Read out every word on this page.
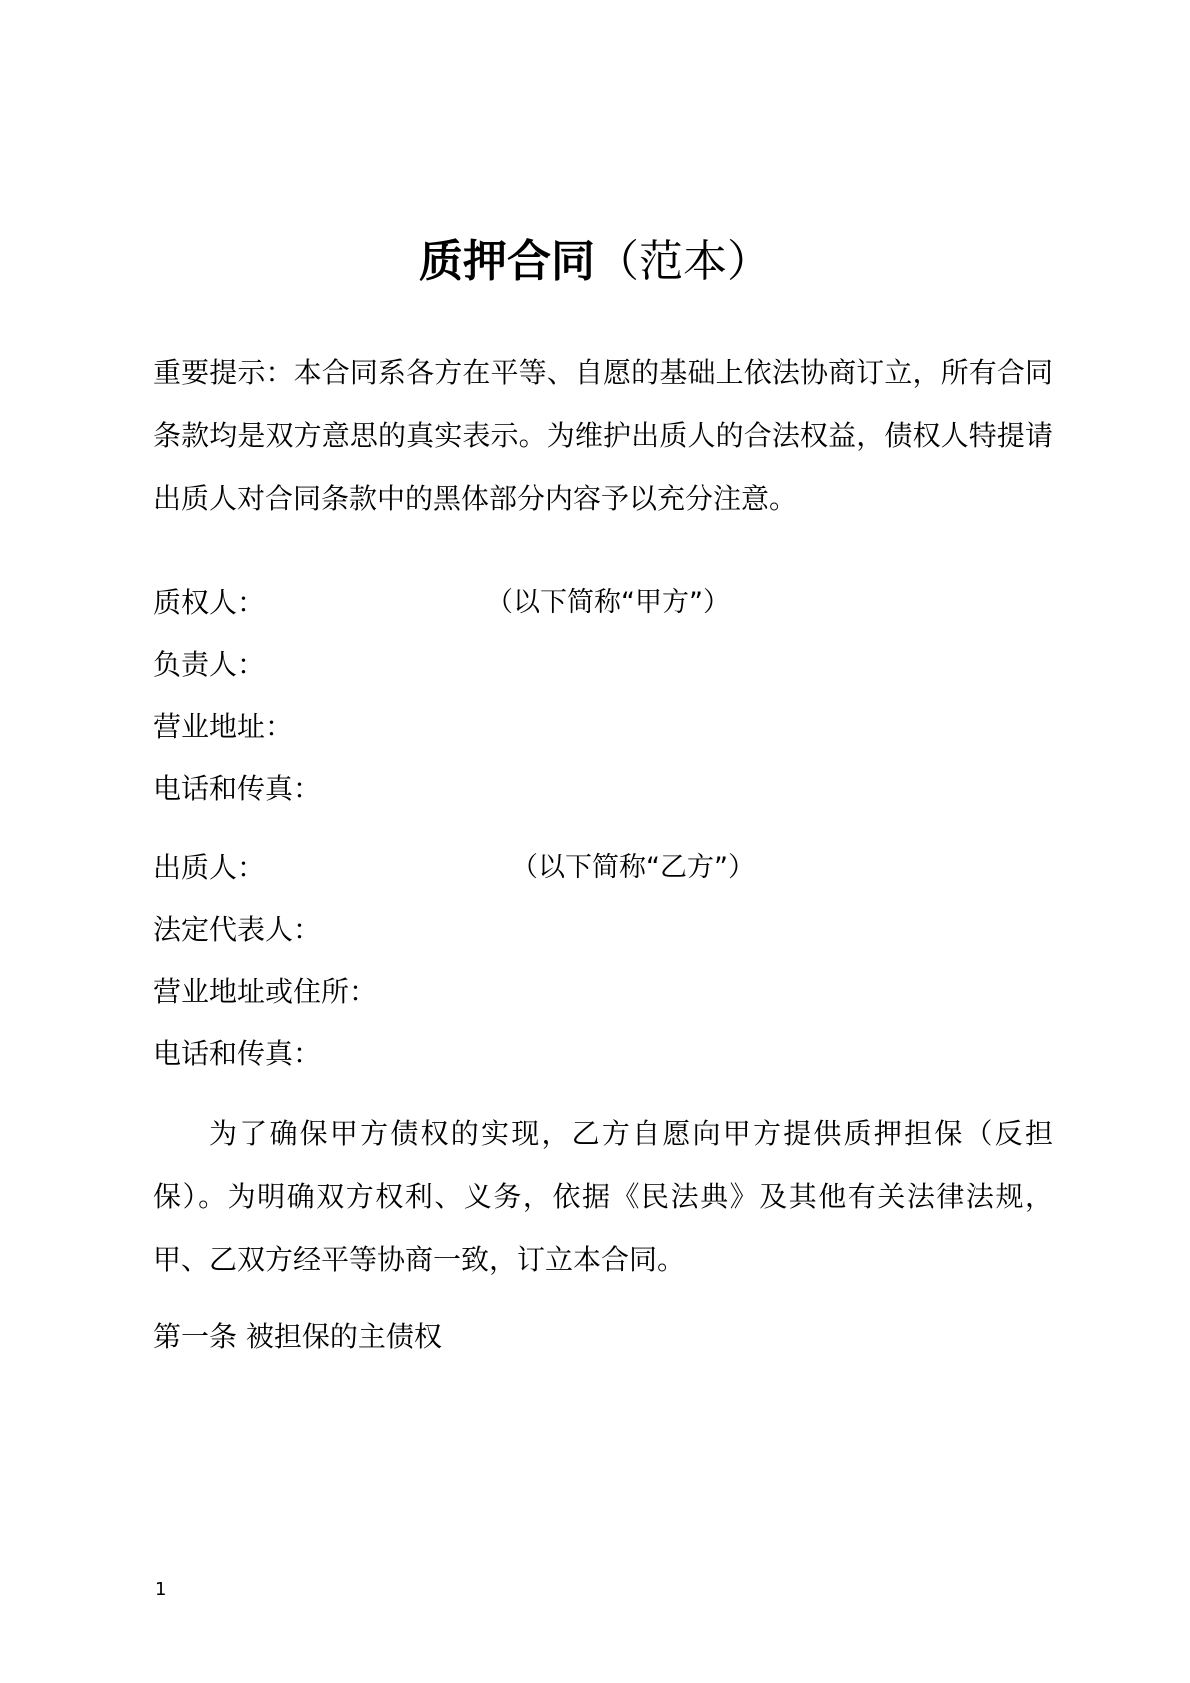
质押合同（范本）
重要提示：本合同系各方在平等、自愿的基础上依法协商订立，所有合同条款均是双方意思的真实表示。为维护出质人的合法权益，债权人特提请出质人对合同条款中的黑体部分内容予以充分注意。
质权人：	（以下简称“甲方”）
负责人：
营业地址：
电话和传真：
出质人：	（以下简称“乙方”）
法定代表人：
营业地址或住所：
电话和传真：
为了确保甲方债权的实现，乙方自愿向甲方提供质押担保（反担保）。为明确双方权利、义务，依据《民法典》及其他有关法律法规，甲、乙双方经平等协商一致，订立本合同。
第一条 被担保的主债权
1
